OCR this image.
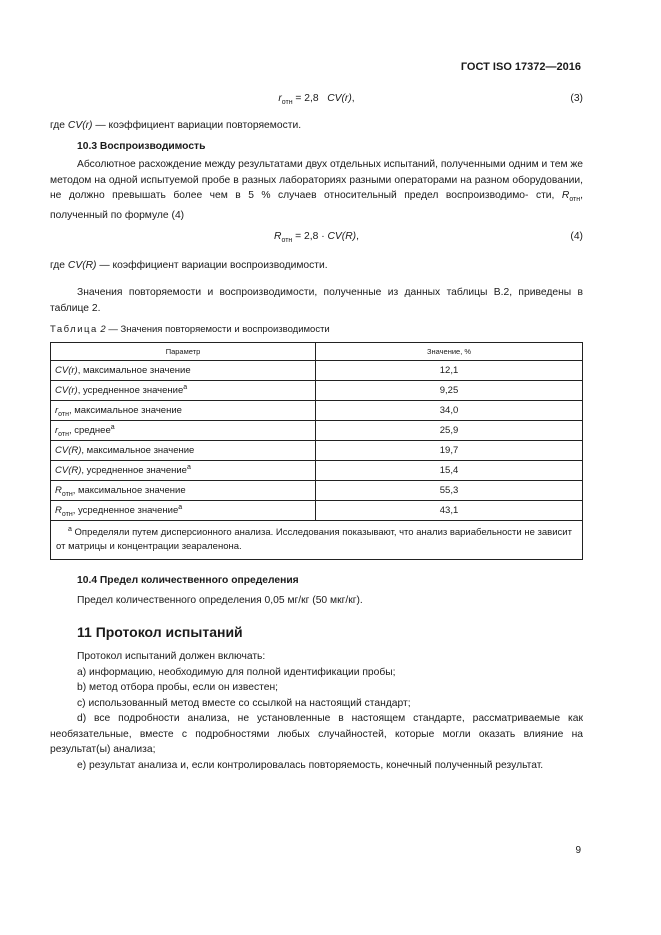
ГОСТ ISO 17372—2016
$r_{отн} = 2,8$   CV(r),	(3)
где CV(r) — коэффициент вариации повторяемости.
10.3 Воспроизводимость
Абсолютное расхождение между результатами двух отдельных испытаний, полученными одним и тем же методом на одной испытуемой пробе в разных лабораториях разными операторами на разном оборудовании, не должно превышать более чем в 5 % случаев относительный предел воспроизводимо- сти, $R_{отн}$, полученный по формуле (4)
$R_{отн} = 2,8 \cdot CV(R)$,	(4)
где CV(R) — коэффициент вариации воспроизводимости.
Значения повторяемости и воспроизводимости, полученные из данных таблицы В.2, приведены в таблице 2.
Таблица 2 — Значения повторяемости и воспроизводимости
Параметр	Значение, %
CV(r), максимальное значение	12,1
CV(r), усредненное значение$^a$	9,25
$r_{отн}$, максимальное значение	34,0
$r_{отн}$, среднее$^a$	25,9
CV(R), максимальное значение	19,7
CV(R), усредненное значение$^a$	15,4
$R_{отн}$, максимальное значение	55,3
$R_{отн}$, усредненное значение$^a$	43,1
$^a$ Определяли путем дисперсионного анализа. Исследования показывают, что анализ вариабельности не зависит от матрицы и концентрации зеараленона.	
10.4 Предел количественного определения
Предел количественного определения 0,05 мг/кг (50 мкг/кг).
11 Протокол испытаний
Протокол испытаний должен включать:
а) информацию, необходимую для полной идентификации пробы;
b) метод отбора пробы, если он известен;
c) использованный метод вместе со ссылкой на настоящий стандарт;
d) все подробности анализа, не установленные в настоящем стандарте, рассматриваемые как необязательные, вместе с подробностями любых случайностей, которые могли оказать влияние на результат(ы) анализа;
е) результат анализа и, если контролировалась повторяемость, конечный полученный результат.
9
